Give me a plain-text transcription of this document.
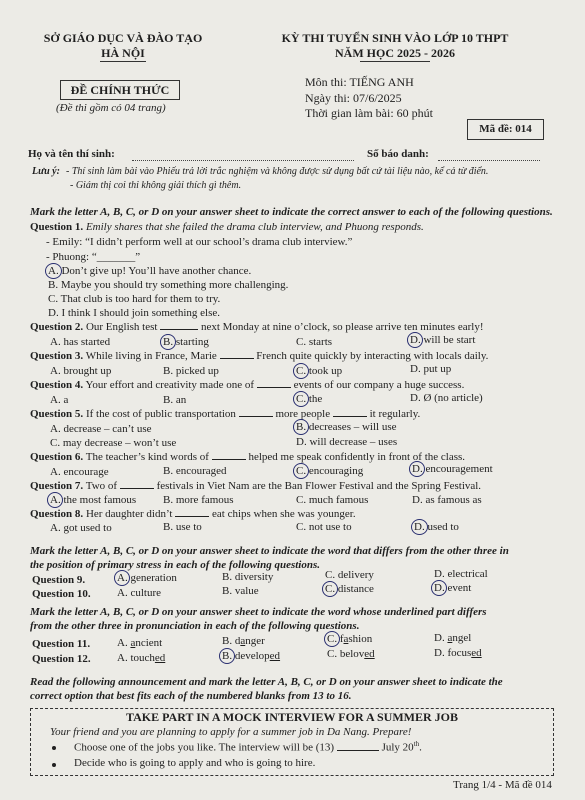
SỞ GIÁO DỤC VÀ ĐÀO TẠO
HÀ NỘI
KỲ THI TUYỂN SINH VÀO LỚP 10 THPT
NĂM HỌC 2025 - 2026
ĐỀ CHÍNH THỨC
(Đề thi gồm có 04 trang)
Môn thi: TIẾNG ANH
Ngày thi: 07/6/2025
Thời gian làm bài: 60 phút
Mã đề: 014
Họ và tên thí sinh:	Số báo danh:
Lưu ý: - Thí sinh làm bài vào Phiếu trả lời trắc nghiệm và không được sử dụng bất cứ tài liệu nào, kể cả từ điển.
- Giám thị coi thi không giải thích gì thêm.
Mark the letter A, B, C, or D on your answer sheet to indicate the correct answer to each of the following questions.
Question 1. Emily shares that she failed the drama club interview, and Phuong responds.
- Emily: “I didn’t perform well at our school’s drama club interview.”
- Phuong: “_______”
A. Don’t give up! You’ll have another chance.
B. Maybe you should try something more challenging.
C. That club is too hard for them to try.
D. I think I should join something else.
Question 2. Our English test	next Monday at nine o’clock, so please arrive ten minutes early!
A. has started	B. starting	C. starts	D. will be start
Question 3. While living in France, Marie	French quite quickly by interacting with locals daily.
A. brought up	B. picked up	C. took up	D. put up
Question 4. Your effort and creativity made one of	events of our company a huge success.
A. a	B. an	C. the	D. Ø (no article)
Question 5. If the cost of public transportation	more people	it regularly.
A. decrease – can’t use	B. decreases – will use
C. may decrease – won’t use	D. will decrease – uses
Question 6. The teacher’s kind words of	helped me speak confidently in front of the class.
A. encourage	B. encouraged	C. encouraging	D. encouragement
Question 7. Two of	festivals in Viet Nam are the Ban Flower Festival and the Spring Festival.
A. the most famous B. more famous	C. much famous	D. as famous as
Question 8. Her daughter didn’t	eat chips when she was younger.
A. got used to	B. use to	C. not use to	D. used to
Mark the letter A, B, C, or D on your answer sheet to indicate the word that differs from the other three in
the position of primary stress in each of the following questions.
Question 9.	A. generation	B. diversity	C. delivery	D. electrical
Question 10. A. culture	B. value	C. distance	D. event
Mark the letter A, B, C, or D on your answer sheet to indicate the word whose underlined part differs
from the other three in pronunciation in each of the following questions.
Question 11. A. ancient	B. danger	C. fashion	D. angel
Question 12. A. touched	B. developed	C. beloved	D. focused
Read the following announcement and mark the letter A, B, C, or D on your answer sheet to indicate the
correct option that best fits each of the numbered blanks from 13 to 16.
TAKE PART IN A MOCK INTERVIEW FOR A SUMMER JOB
Your friend and you are planning to apply for a summer job in Da Nang. Prepare!
Choose one of the jobs you like. The interview will be (13)	July 20th.
Decide who is going to apply and who is going to hire.
Trang 1/4 - Mã đề 014
